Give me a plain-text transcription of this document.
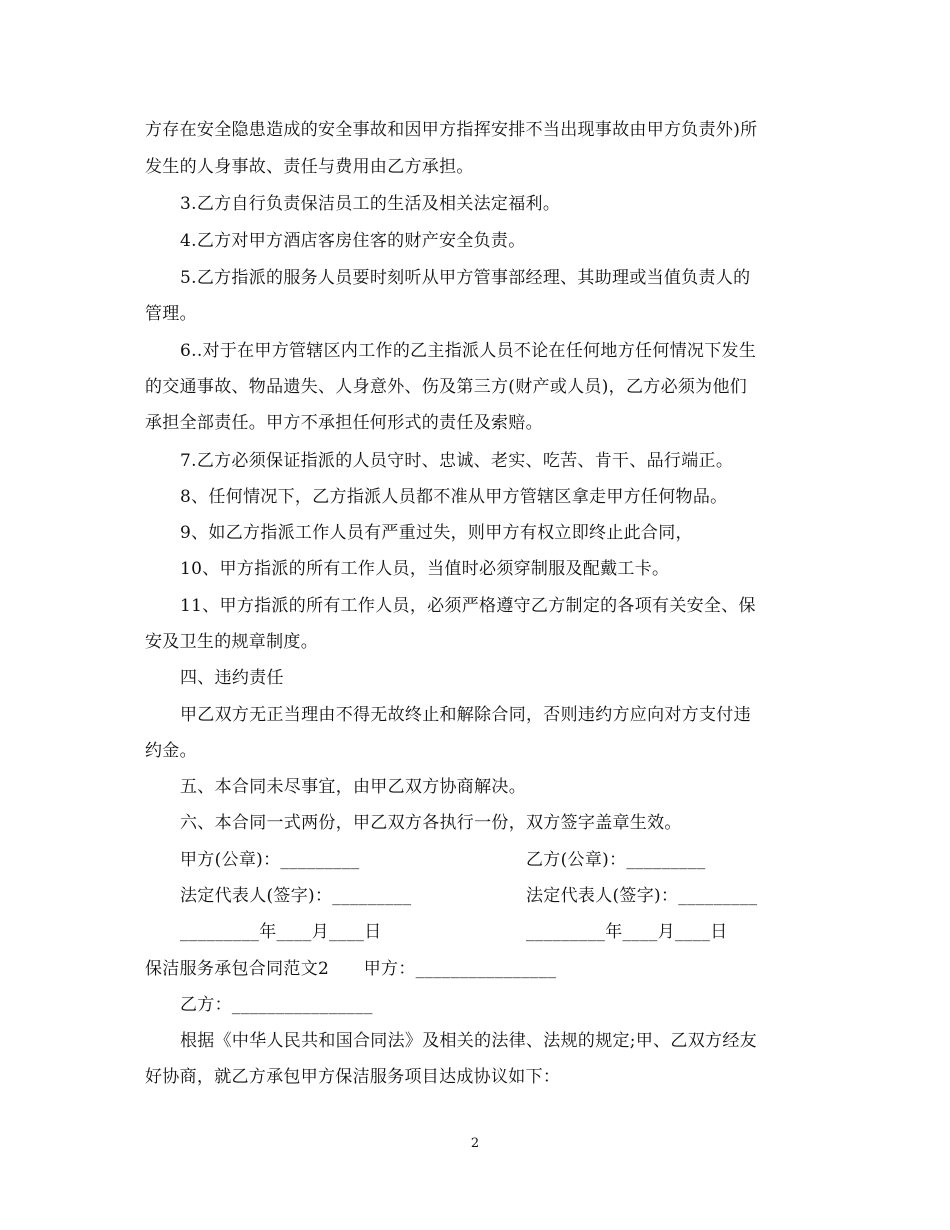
方存在安全隐患造成的安全事故和因甲方指挥安排不当出现事故由甲方负责外)所
发生的人身事故、责任与费用由乙方承担。
3.乙方自行负责保洁员工的生活及相关法定福利。
4.乙方对甲方酒店客房住客的财产安全负责。
5.乙方指派的服务人员要时刻听从甲方管事部经理、其助理或当值负责人的
管理。
6..对于在甲方管辖区内工作的乙主指派人员不论在任何地方任何情况下发生
的交通事故、物品遗失、人身意外、伤及第三方(财产或人员)，乙方必须为他们
承担全部责任。甲方不承担任何形式的责任及索赔。
7.乙方必须保证指派的人员守时、忠诚、老实、吃苦、肯干、品行端正。
8、任何情况下，乙方指派人员都不准从甲方管辖区拿走甲方任何物品。
9、如乙方指派工作人员有严重过失，则甲方有权立即终止此合同，
10、甲方指派的所有工作人员，当值时必须穿制服及配戴工卡。
11、甲方指派的所有工作人员，必须严格遵守乙方制定的各项有关安全、保
安及卫生的规章制度。
四、违约责任
甲乙双方无正当理由不得无故终止和解除合同，否则违约方应向对方支付违
约金。
五、本合同未尽事宜，由甲乙双方协商解决。
六、本合同一式两份，甲乙双方各执行一份，双方签字盖章生效。
甲方(公章)：_________	乙方(公章)：_________
法定代表人(签字)：_________	法定代表人(签字)：_________
_________年____月____日	_________年____月____日
保洁服务承包合同范文2　　甲方：________________
乙方：________________
根据《中华人民共和国合同法》及相关的法律、法规的规定;甲、乙双方经友
好协商，就乙方承包甲方保洁服务项目达成协议如下：
2
